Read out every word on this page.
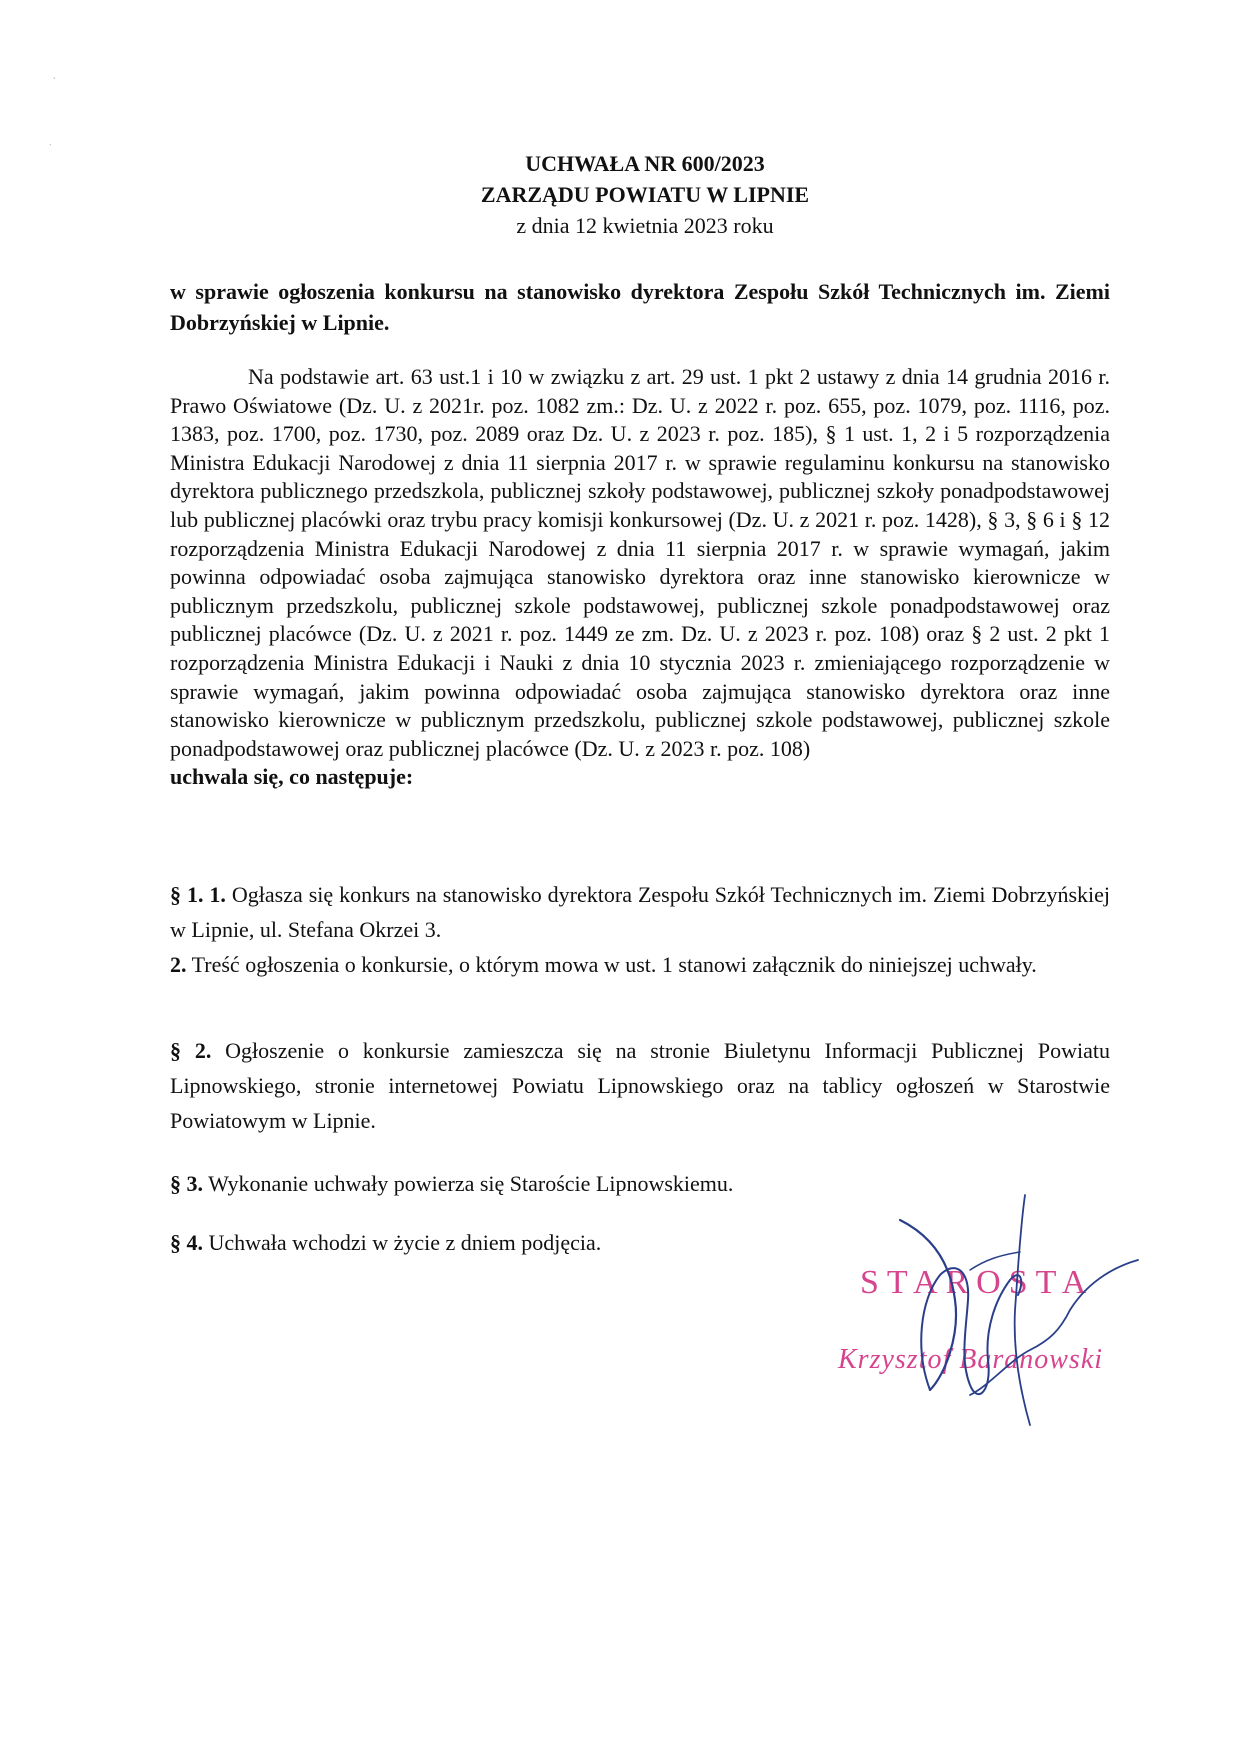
·
˙
UCHWAŁA NR 600/2023
ZARZĄDU POWIATU W LIPNIE
z dnia 12 kwietnia 2023 roku
w sprawie ogłoszenia konkursu na stanowisko dyrektora Zespołu Szkół Technicznych im. Ziemi Dobrzyńskiej w Lipnie.
Na podstawie art. 63 ust.1 i 10 w związku z art. 29 ust. 1 pkt 2 ustawy z dnia 14 grudnia 2016 r. Prawo Oświatowe (Dz. U. z 2021r. poz. 1082 zm.: Dz. U. z 2022 r. poz. 655, poz. 1079, poz. 1116, poz. 1383, poz. 1700, poz. 1730, poz. 2089 oraz Dz. U. z 2023 r. poz. 185), § 1 ust. 1, 2 i 5 rozporządzenia Ministra Edukacji Narodowej z dnia 11 sierpnia 2017 r. w sprawie regulaminu konkursu na stanowisko dyrektora publicznego przedszkola, publicznej szkoły podstawowej, publicznej szkoły ponadpodstawowej lub publicznej placówki oraz trybu pracy komisji konkursowej (Dz. U. z 2021 r. poz. 1428), § 3, § 6 i § 12 rozporządzenia Ministra Edukacji Narodowej z dnia 11 sierpnia 2017 r. w sprawie wymagań, jakim powinna odpowiadać osoba zajmująca stanowisko dyrektora oraz inne stanowisko kierownicze w publicznym przedszkolu, publicznej szkole podstawowej, publicznej szkole ponadpodstawowej oraz publicznej placówce (Dz. U. z 2021 r. poz. 1449 ze zm. Dz. U. z 2023 r. poz. 108) oraz § 2 ust. 2 pkt 1 rozporządzenia Ministra Edukacji i Nauki z dnia 10 stycznia 2023 r. zmieniającego rozporządzenie w sprawie wymagań, jakim powinna odpowiadać osoba zajmująca stanowisko dyrektora oraz inne stanowisko kierownicze w publicznym przedszkolu, publicznej szkole podstawowej, publicznej szkole ponadpodstawowej oraz publicznej placówce (Dz. U. z 2023 r. poz. 108)
uchwala się, co następuje:
§ 1. 1. Ogłasza się konkurs na stanowisko dyrektora Zespołu Szkół Technicznych im. Ziemi Dobrzyńskiej w Lipnie, ul. Stefana Okrzei 3.
2. Treść ogłoszenia o konkursie, o którym mowa w ust. 1 stanowi załącznik do niniejszej uchwały.
§ 2. Ogłoszenie o konkursie zamieszcza się na stronie Biuletynu Informacji Publicznej Powiatu Lipnowskiego, stronie internetowej Powiatu Lipnowskiego oraz na tablicy ogłoszeń w Starostwie Powiatowym w Lipnie.
§ 3. Wykonanie uchwały powierza się Staroście Lipnowskiemu.
§ 4. Uchwała wchodzi w życie z dniem podjęcia.
STAROSTA
Krzysztof Baranowski
